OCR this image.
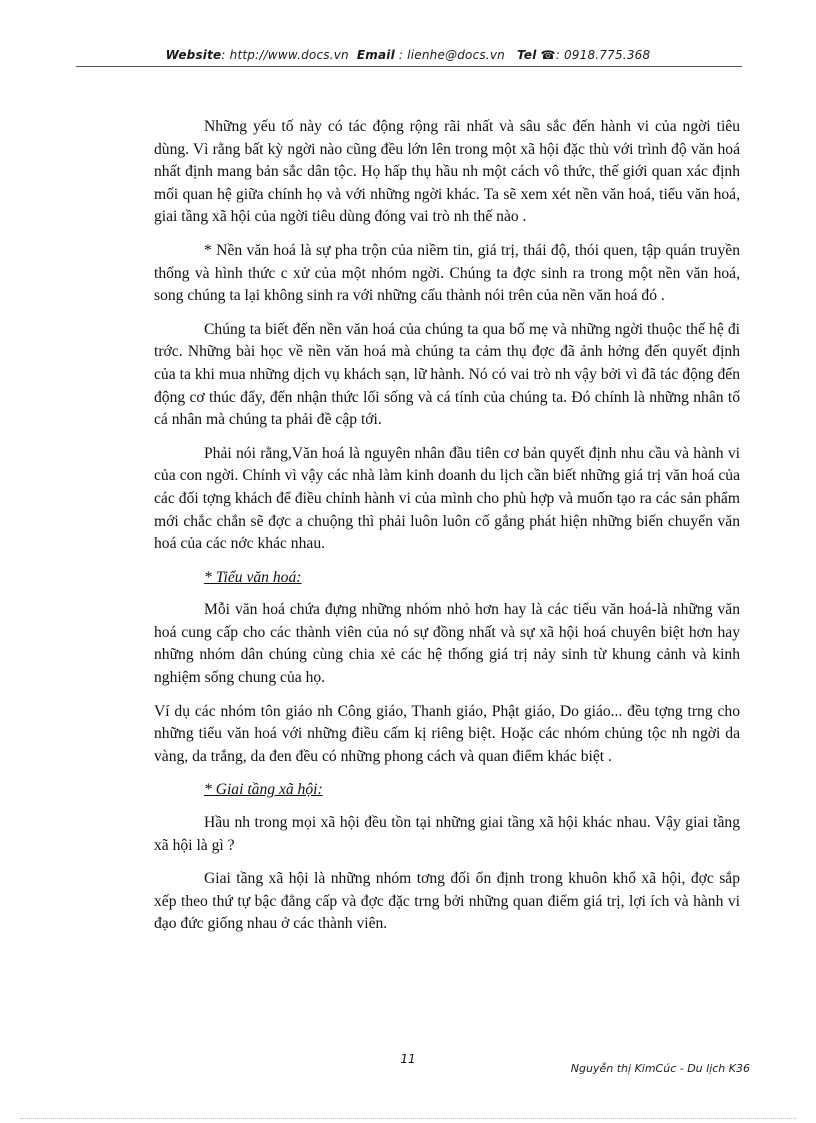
Website: http://www.docs.vn Email : lienhe@docs.vn Tel ☎: 0918.775.368

Những yếu tố này có tác động rộng rãi nhất và sâu sắc đến hành vi của ngời tiêu dùng. Vì rằng bất kỳ ngời nào cũng đều lớn lên trong một xã hội đặc thù với trình độ văn hoá nhất định mang bản sắc dân tộc. Họ hấp thụ hầu nh một cách vô thức, thế giới quan xác định mối quan hệ giữa chính họ và với những ngời khác. Ta sẽ xem xét nền văn hoá, tiểu văn hoá, giai tầng xã hội của ngời tiêu dùng đóng vai trò nh thế nào .

* Nền văn hoá là sự pha trộn của niềm tin, giá trị, thái độ, thói quen, tập quán truyền thống và hình thức c xử của một nhóm ngời. Chúng ta đợc sinh ra trong một nền văn hoá, song chúng ta lại không sinh ra với những cấu thành nói trên của nền văn hoá đó .

Chúng ta biết đến nền văn hoá của chúng ta qua bố mẹ và những ngời thuộc thế hệ đi trớc. Những bài học về nền văn hoá mà chúng ta cảm thụ đợc đã ảnh hởng đến quyết định của ta khi mua những dịch vụ khách sạn, lữ hành. Nó có vai trò nh vậy bởi vì đã tác động đến động cơ thúc đẩy, đến nhận thức lối sống và cá tính của chúng ta. Đó chính là những nhân tố cá nhân mà chúng ta phải đề cập tới.

Phải nói rằng,Văn hoá là nguyên nhân đầu tiên cơ bản quyết định nhu cầu và hành vi của con ngời. Chính vì vậy các nhà làm kinh doanh du lịch cần biết những giá trị văn hoá của các đối tợng khách để điều chỉnh hành vi của mình cho phù hợp và muốn tạo ra các sản phẩm mới chắc chắn sẽ đợc a chuộng thì phải luôn luôn cố gắng phát hiện những biến chuyển văn hoá của các nớc khác nhau.

* Tiểu văn hoá:

Mỗi văn hoá chứa đựng những nhóm nhỏ hơn hay là các tiểu văn hoá-là những văn hoá cung cấp cho các thành viên của nó sự đồng nhất và sự xã hội hoá chuyên biệt hơn hay những nhóm dân chúng cùng chia xẻ các hệ thống giá trị nảy sinh từ khung cảnh và kinh nghiệm sống chung của họ.

Ví dụ các nhóm tôn giáo nh Công giáo, Thanh giáo, Phật giáo, Do giáo... đều tợng trng cho những tiểu văn hoá với những điều cấm kị riêng biệt. Hoặc các nhóm chủng tộc nh ngời da vàng, da trắng, da đen đều có những phong cách và quan điểm khác biệt .

* Giai tầng xã hội:

Hầu nh trong mọi xã hội đều tồn tại những giai tầng xã hội khác nhau. Vậy giai tầng xã hội là gì ?

Giai tầng xã hội là những nhóm tơng đối ổn định trong khuôn khổ xã hội, đợc sắp xếp theo thứ tự bậc đẳng cấp và đợc đặc trng bởi những quan điểm giá trị, lợi ích và hành vi đạo đức giống nhau ở các thành viên.

11
Nguyễn thị KimCúc - Du lịch K36
